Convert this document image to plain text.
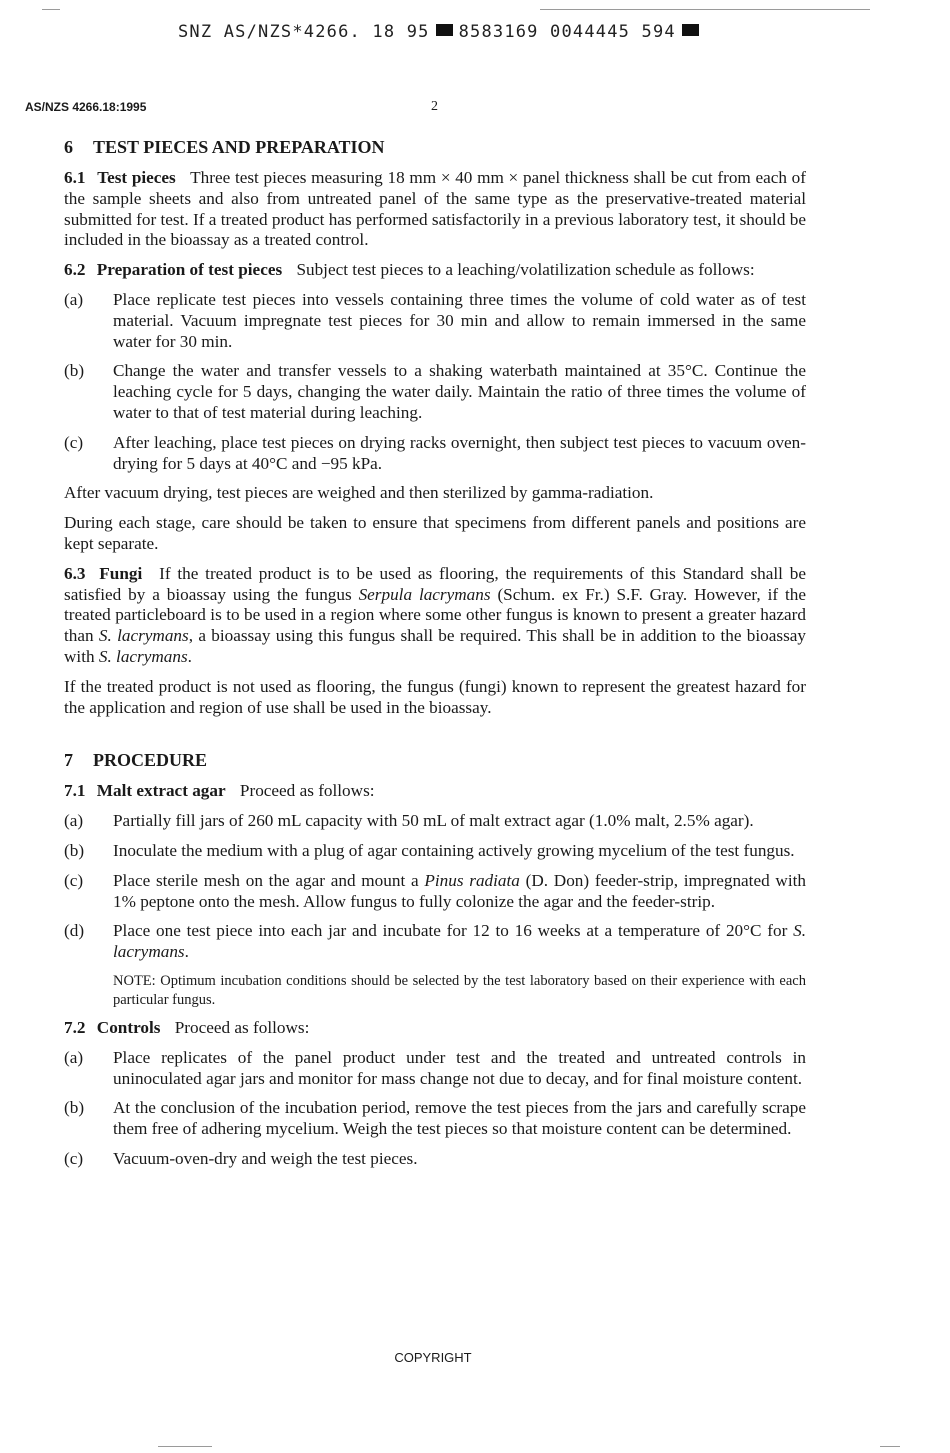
SNZ AS/NZS*4266. 18 95 8583169 0044445 594
AS/NZS 4266.18:1995	2
6 TEST PIECES AND PREPARATION

6.1 Test pieces Three test pieces measuring 18 mm × 40 mm × panel thickness shall be cut from each of the sample sheets and also from untreated panel of the same type as the preservative-treated material submitted for test. If a treated product has performed satisfactorily in a previous laboratory test, it should be included in the bioassay as a treated control.

6.2 Preparation of test pieces Subject test pieces to a leaching/volatilization schedule as follows:

(a)	Place replicate test pieces into vessels containing three times the volume of cold water as of test material. Vacuum impregnate test pieces for 30 min and allow to remain immersed in the same water for 30 min.
(b)	Change the water and transfer vessels to a shaking waterbath maintained at 35°C. Continue the leaching cycle for 5 days, changing the water daily. Maintain the ratio of three times the volume of water to that of test material during leaching.
(c)	After leaching, place test pieces on drying racks overnight, then subject test pieces to vacuum oven-drying for 5 days at 40°C and −95 kPa.

After vacuum drying, test pieces are weighed and then sterilized by gamma-radiation.

During each stage, care should be taken to ensure that specimens from different panels and positions are kept separate.

6.3 Fungi If the treated product is to be used as flooring, the requirements of this Standard shall be satisfied by a bioassay using the fungus Serpula lacrymans (Schum. ex Fr.) S.F. Gray. However, if the treated particleboard is to be used in a region where some other fungus is known to present a greater hazard than S. lacrymans, a bioassay using this fungus shall be required. This shall be in addition to the bioassay with S. lacrymans.

If the treated product is not used as flooring, the fungus (fungi) known to represent the greatest hazard for the application and region of use shall be used in the bioassay.

7 PROCEDURE

7.1 Malt extract agar Proceed as follows:

(a)	Partially fill jars of 260 mL capacity with 50 mL of malt extract agar (1.0% malt, 2.5% agar).
(b)	Inoculate the medium with a plug of agar containing actively growing mycelium of the test fungus.
(c)	Place sterile mesh on the agar and mount a Pinus radiata (D. Don) feeder-strip, impregnated with 1% peptone onto the mesh. Allow fungus to fully colonize the agar and the feeder-strip.
(d)	Place one test piece into each jar and incubate for 12 to 16 weeks at a temperature of 20°C for S. lacrymans.

NOTE: Optimum incubation conditions should be selected by the test laboratory based on their experience with each particular fungus.

7.2 Controls Proceed as follows:

(a)	Place replicates of the panel product under test and the treated and untreated controls in uninoculated agar jars and monitor for mass change not due to decay, and for final moisture content.
(b)	At the conclusion of the incubation period, remove the test pieces from the jars and carefully scrape them free of adhering mycelium. Weigh the test pieces so that moisture content can be determined.
(c)	Vacuum-oven-dry and weigh the test pieces.
COPYRIGHT
